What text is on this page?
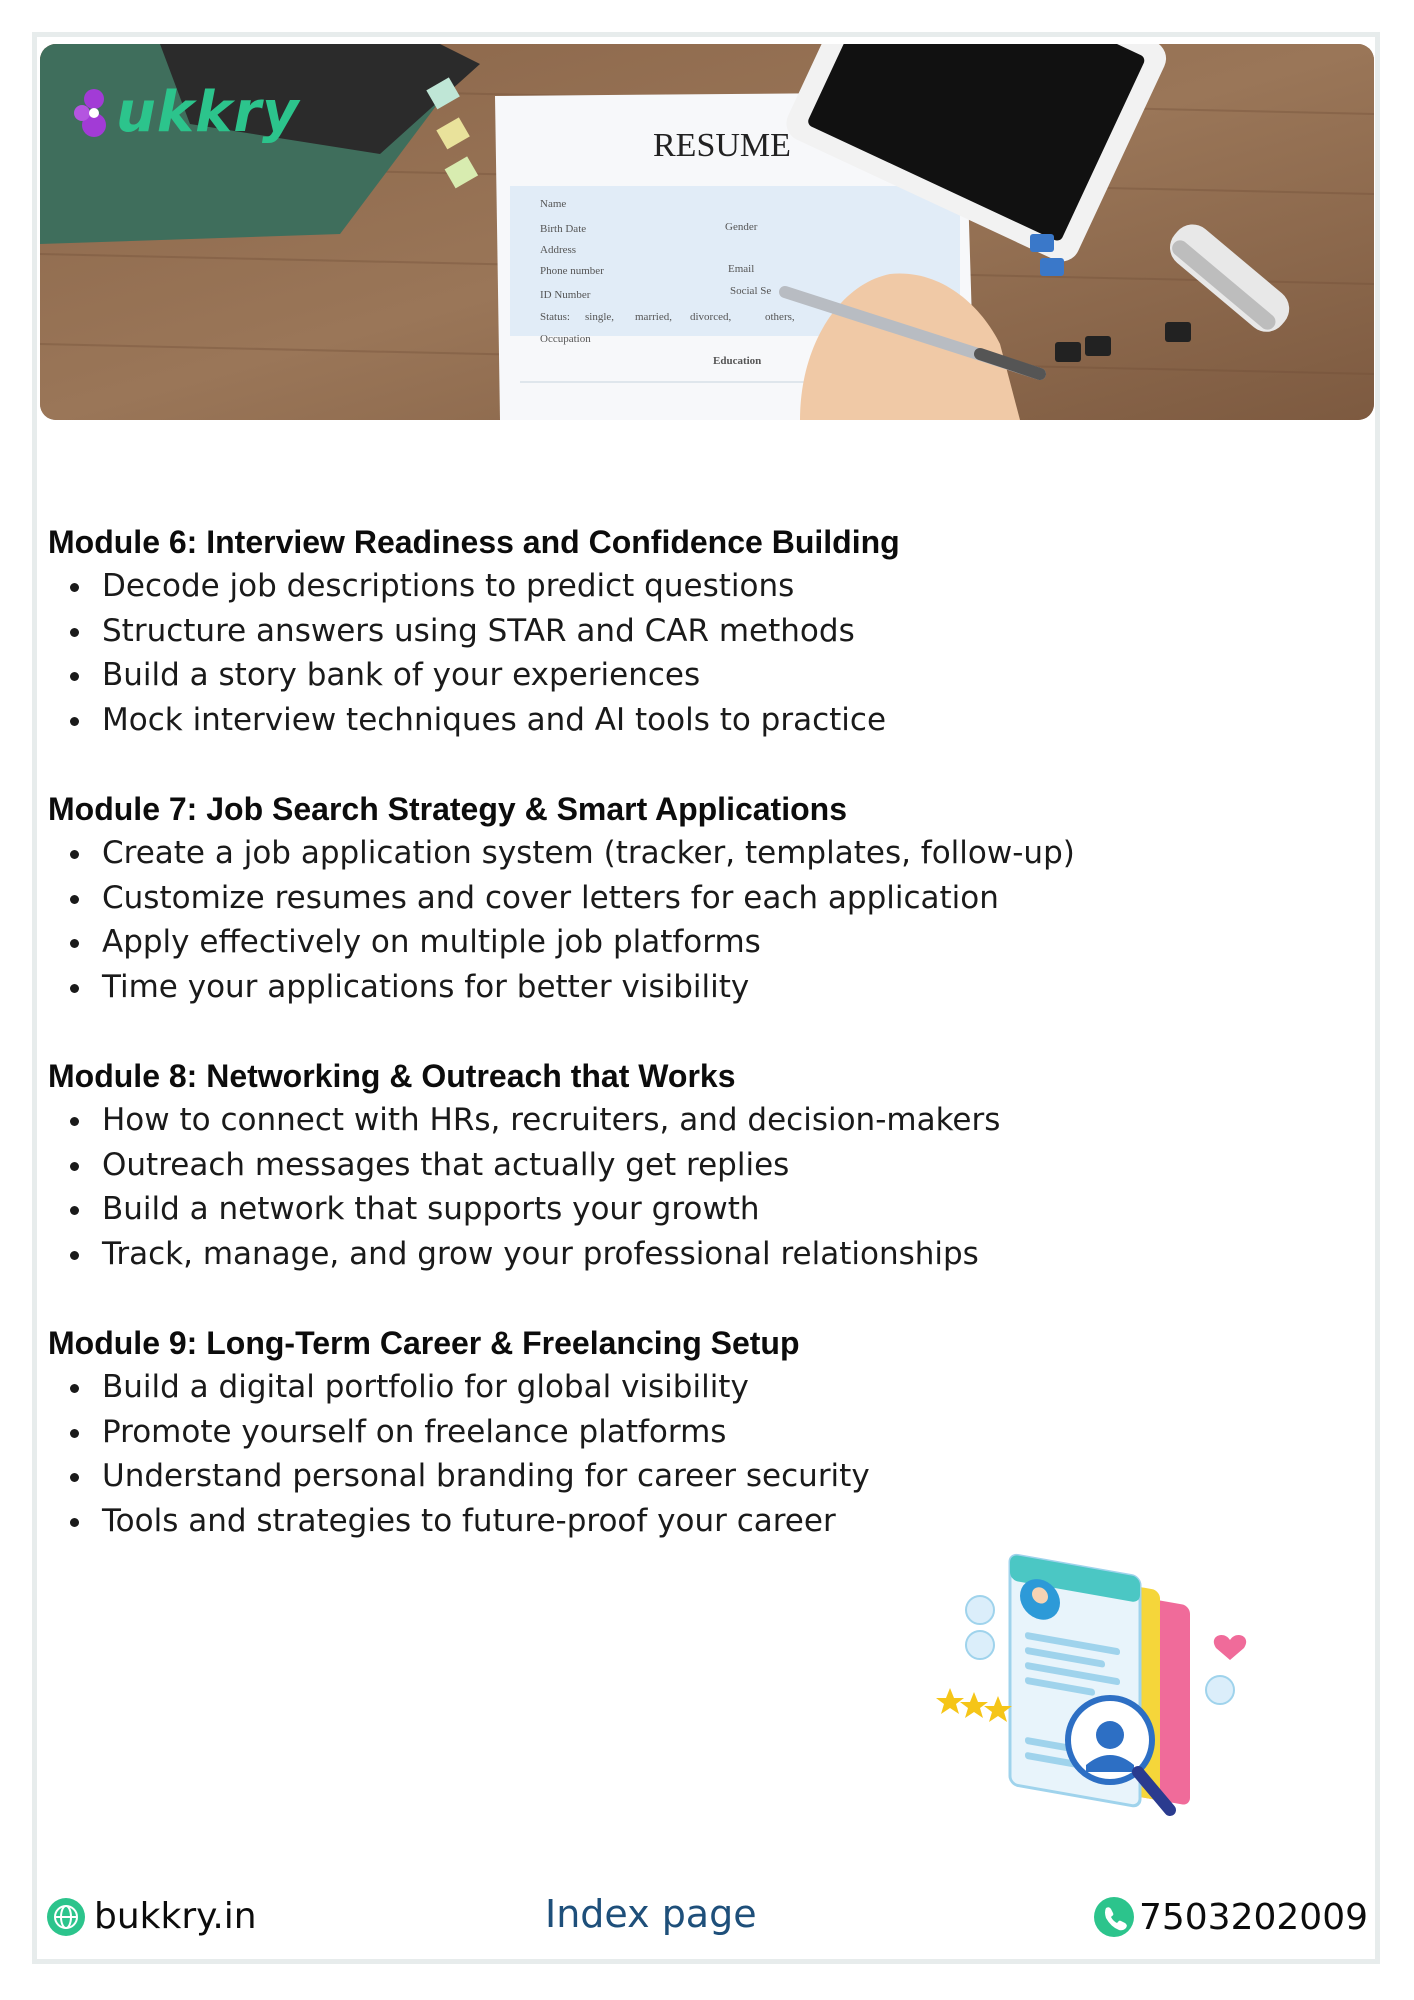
RESUME
Name
Birth Date
Address
Phone number
ID Number
Status:
Occupation
Gender
Email
Social Se
single, married, divorced,	others,
Education
ukkry

Module 6: Interview Readiness and Confidence Building

Decode job descriptions to predict questions
Structure answers using STAR and CAR methods
Build a story bank of your experiences
Mock interview techniques and AI tools to practice

Module 7: Job Search Strategy & Smart Applications

Create a job application system (tracker, templates, follow-up)
Customize resumes and cover letters for each application
Apply effectively on multiple job platforms
Time your applications for better visibility

Module 8: Networking & Outreach that Works

How to connect with HRs, recruiters, and decision-makers
Outreach messages that actually get replies
Build a network that supports your growth
Track, manage, and grow your professional relationships

Module 9: Long-Term Career & Freelancing Setup

Build a digital portfolio for global visibility
Promote yourself on freelance platforms
Understand personal branding for career security
Tools and strategies to future-proof your career
bukkry.in	Index page	7503202009
